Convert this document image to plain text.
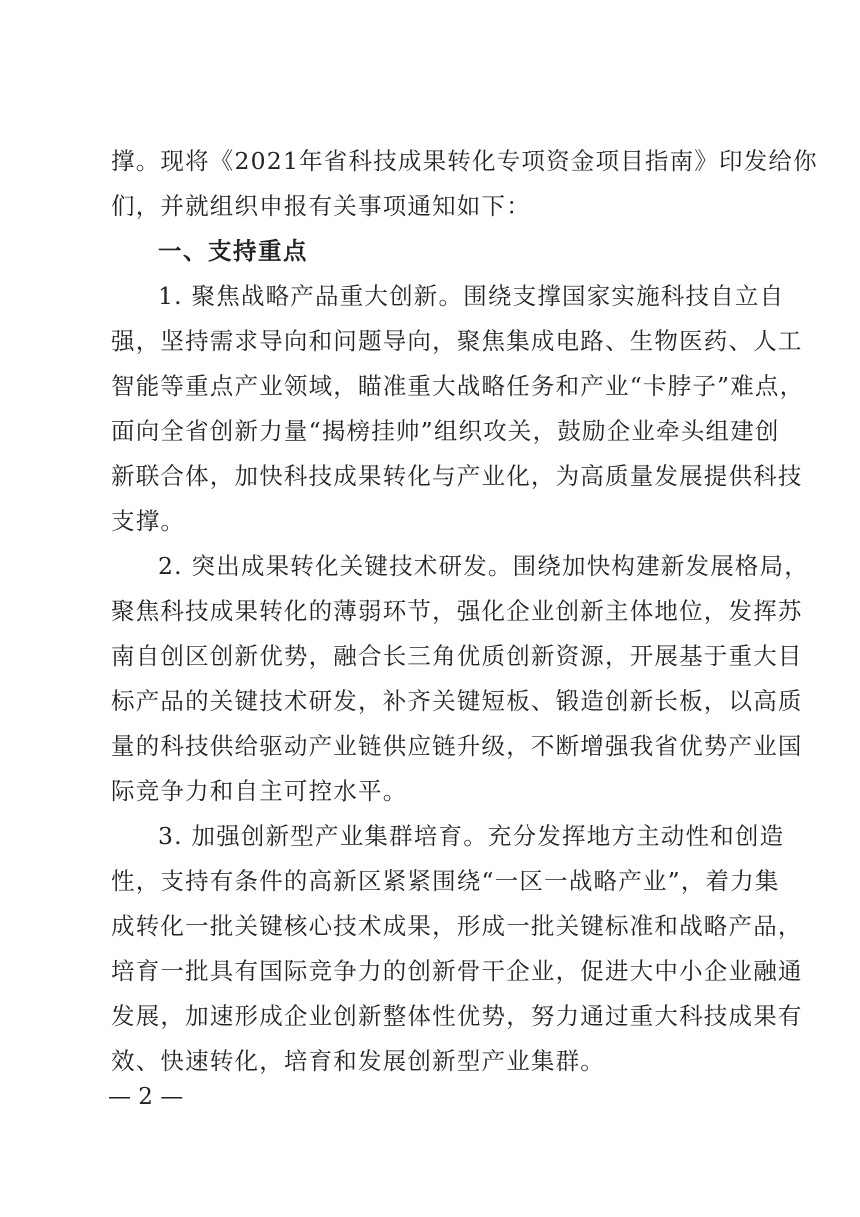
撑。现将《2021年省科技成果转化专项资金项目指南》印发给你
们，并就组织申报有关事项通知如下：
一、支持重点
1. 聚焦战略产品重大创新。围绕支撑国家实施科技自立自
强，坚持需求导向和问题导向，聚焦集成电路、生物医药、人工
智能等重点产业领域，瞄准重大战略任务和产业“卡脖子”难点，
面向全省创新力量“揭榜挂帅”组织攻关，鼓励企业牵头组建创
新联合体，加快科技成果转化与产业化，为高质量发展提供科技
支撑。
2. 突出成果转化关键技术研发。围绕加快构建新发展格局，
聚焦科技成果转化的薄弱环节，强化企业创新主体地位，发挥苏
南自创区创新优势，融合长三角优质创新资源，开展基于重大目
标产品的关键技术研发，补齐关键短板、锻造创新长板，以高质
量的科技供给驱动产业链供应链升级，不断增强我省优势产业国
际竞争力和自主可控水平。
3. 加强创新型产业集群培育。充分发挥地方主动性和创造
性，支持有条件的高新区紧紧围绕“一区一战略产业”，着力集
成转化一批关键核心技术成果，形成一批关键标准和战略产品，
培育一批具有国际竞争力的创新骨干企业，促进大中小企业融通
发展，加速形成企业创新整体性优势，努力通过重大科技成果有
效、快速转化，培育和发展创新型产业集群。
— 2 —
